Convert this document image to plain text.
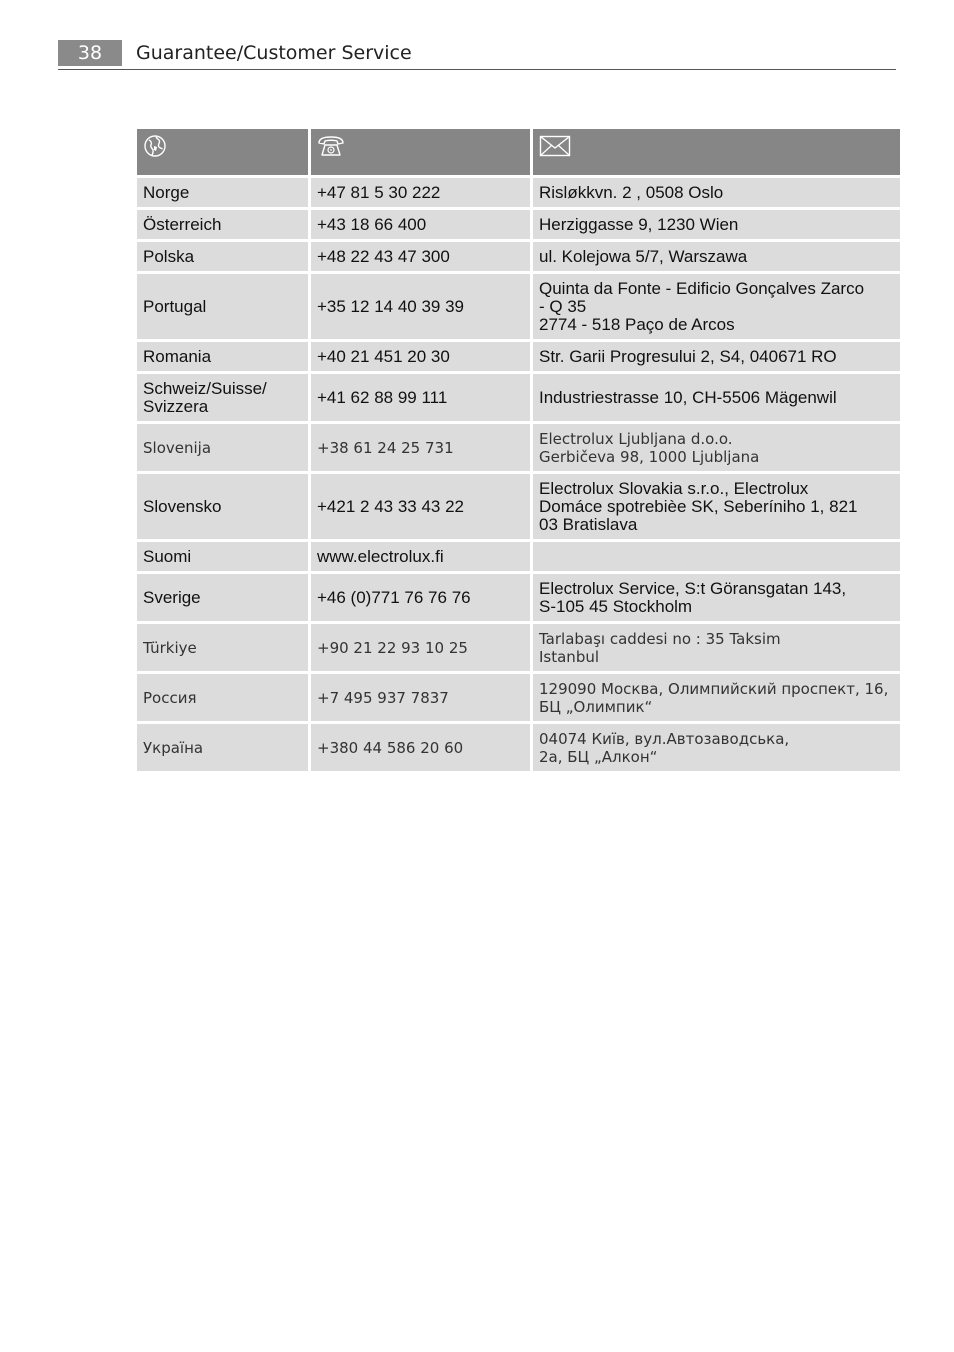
38	Guarantee/Customer Service

Norge	+47 81 5 30 222	Risløkkvn. 2 , 0508 Oslo
Österreich	+43 18 66 400	Herziggasse 9, 1230 Wien
Polska	+48 22 43 47 300	ul. Kolejowa 5/7, Warszawa
Portugal	+35 12 14 40 39 39	Quinta da Fonte - Edificio Gonçalves Zarco
- Q 35
2774 - 518 Paço de Arcos
Romania	+40 21 451 20 30	Str. Garii Progresului 2, S4, 040671 RO
Schweiz/Suisse/
Svizzera	+41 62 88 99 111	Industriestrasse 10, CH-5506 Mägenwil
Slovenija	+38 61 24 25 731	Electrolux Ljubljana d.o.o.
Gerbičeva 98, 1000 Ljubljana
Slovensko	+421 2 43 33 43 22	Electrolux Slovakia s.r.o., Electrolux
Domáce spotrebièe SK, Seberíniho 1, 821
03 Bratislava
Suomi	www.electrolux.fi	
Sverige	+46 (0)771 76 76 76	Electrolux Service, S:t Göransgatan 143,
S-105 45 Stockholm
Türkiye	+90 21 22 93 10 25	Tarlabaşı caddesi no : 35 Taksim
Istanbul
Россия	+7 495 937 7837	129090 Москва, Олимпийский проспект, 16,
БЦ „Олимпик“
Україна	+380 44 586 20 60	04074 Київ, вул.Автозаводська,
2а, БЦ „Алкон“
